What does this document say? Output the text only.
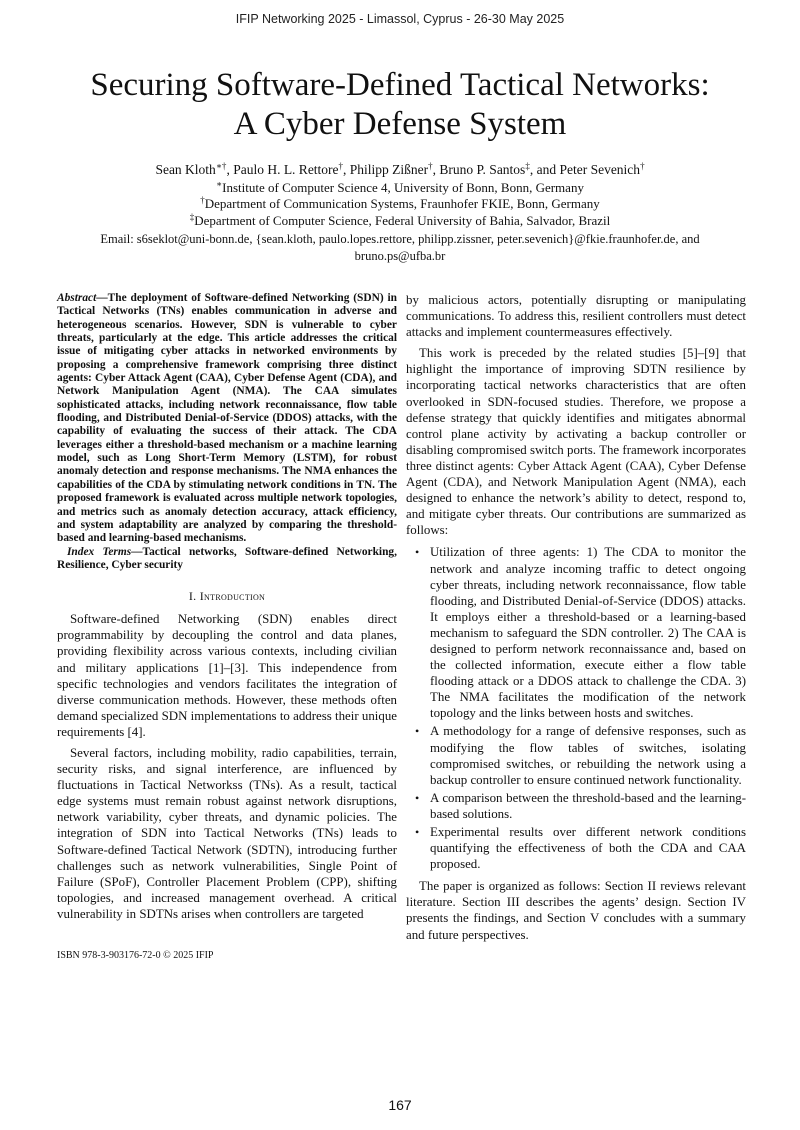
IFIP Networking 2025 - Limassol, Cyprus - 26-30 May 2025
Securing Software-Defined Tactical Networks:
A Cyber Defense System
Sean Kloth∗†, Paulo H. L. Rettore†, Philipp Zißner†, Bruno P. Santos‡, and Peter Sevenich†
∗Institute of Computer Science 4, University of Bonn, Bonn, Germany
†Department of Communication Systems, Fraunhofer FKIE, Bonn, Germany
‡Department of Computer Science, Federal University of Bahia, Salvador, Brazil
Email: s6seklot@uni-bonn.de, {sean.kloth, paulo.lopes.rettore, philipp.zissner, peter.sevenich}@fkie.fraunhofer.de, and
bruno.ps@ufba.br

Abstract—The deployment of Software-defined Networking (SDN) in Tactical Networks (TNs) enables communication in adverse and heterogeneous scenarios. However, SDN is vulnerable to cyber threats, particularly at the edge. This article addresses the critical issue of mitigating cyber attacks in networked environments by proposing a comprehensive framework comprising three distinct agents: Cyber Attack Agent (CAA), Cyber Defense Agent (CDA), and Network Manipulation Agent (NMA). The CAA simulates sophisticated attacks, including network reconnaissance, flow table flooding, and Distributed Denial-of-Service (DDOS) attacks, with the capability of evaluating the success of their attack. The CDA leverages either a threshold-based mechanism or a machine learning model, such as Long Short-Term Memory (LSTM), for robust anomaly detection and response mechanisms. The NMA enhances the capabilities of the CDA by stimulating network conditions in TN. The proposed framework is evaluated across multiple network topologies, and metrics such as anomaly detection accuracy, attack efficiency, and system adaptability are analyzed by comparing the threshold-based and learning-based mechanisms.

Index Terms—Tactical networks, Software-defined Networking, Resilience, Cyber security

I. Introduction

Software-defined Networking (SDN) enables direct programmability by decoupling the control and data planes, providing flexibility across various contexts, including civilian and military applications [1]–[3]. This independence from specific technologies and vendors facilitates the integration of diverse communication methods. However, these methods often demand specialized SDN implementations to address their unique requirements [4].

Several factors, including mobility, radio capabilities, terrain, security risks, and signal interference, are influenced by fluctuations in Tactical Networkss (TNs). As a result, tactical edge systems must remain robust against network disruptions, network variability, cyber threats, and dynamic policies. The integration of SDN into Tactical Networks (TNs) leads to Software-defined Tactical Network (SDTN), introducing further challenges such as network vulnerabilities, Single Point of Failure (SPoF), Controller Placement Problem (CPP), shifting topologies, and increased management overhead. A critical vulnerability in SDTNs arises when controllers are targeted

by malicious actors, potentially disrupting or manipulating communications. To address this, resilient controllers must detect attacks and implement countermeasures effectively.

This work is preceded by the related studies [5]–[9] that highlight the importance of improving SDTN resilience by incorporating tactical networks characteristics that are often overlooked in SDN-focused studies. Therefore, we propose a defense strategy that quickly identifies and mitigates abnormal control plane activity by activating a backup controller or disabling compromised switch ports. The framework incorporates three distinct agents: Cyber Attack Agent (CAA), Cyber Defense Agent (CDA), and Network Manipulation Agent (NMA), each designed to enhance the network’s ability to detect, respond to, and mitigate cyber threats. Our contributions are summarized as follows:

• Utilization of three agents: 1) The CDA to monitor the network and analyze incoming traffic to detect ongoing cyber threats, including network reconnaissance, flow table flooding, and Distributed Denial-of-Service (DDOS) attacks. It employs either a threshold-based or a learning-based mechanism to safeguard the SDN controller. 2) The CAA is designed to perform network reconnaissance and, based on the collected information, execute either a flow table flooding attack or a DDOS attack to challenge the CDA. 3) The NMA facilitates the modification of the network topology and the links between hosts and switches.
• A methodology for a range of defensive responses, such as modifying the flow tables of switches, isolating compromised switches, or rebuilding the network using a backup controller to ensure continued network functionality.
• A comparison between the threshold-based and the learning-based solutions.
• Experimental results over different network conditions quantifying the effectiveness of both the CDA and CAA proposed.

The paper is organized as follows: Section II reviews relevant literature. Section III describes the agents’ design. Section IV presents the findings, and Section V concludes with a summary and future perspectives.

ISBN 978-3-903176-72-0 © 2025 IFIP
167
